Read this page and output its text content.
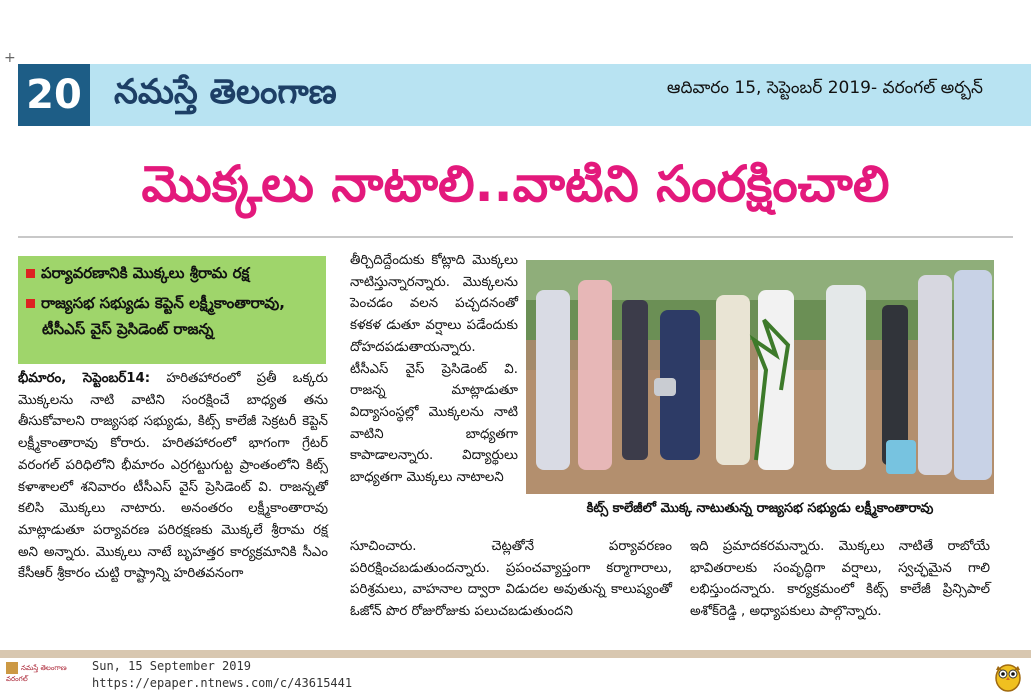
+
20 నమస్తే తెలంగాణ	ఆదివారం 15, సెప్టెంబర్ 2019- వరంగల్ అర్బన్
మొక్కలు నాటాలి..వాటిని సంరక్షించాలి

పర్యావరణానికి మొక్కలు శ్రీరామ రక్ష

రాజ్యసభ సభ్యుడు కెప్టెన్ లక్ష్మీకాంతారావు,

టీసీఎస్ వైస్ ప్రెసిడెంట్ రాజన్న

భీమారం, సెప్టెంబర్14: హరితహారంలో ప్రతీ ఒక్కరు మొక్కలను నాటి వాటిని సంరక్షించే బాధ్యత తను తీసుకోవాలని రాజ్యసభ సభ్యుడు, కిట్స్ కాలేజీ సెక్రటరీ కెప్టెన్ లక్ష్మీకాంతారావు కోరారు. హరితహారంలో భాగంగా గ్రేటర్ వరంగల్ పరిధిలోని భీమారం ఎర్రగట్టుగుట్ట ప్రాంతంలోని కిట్స్ కళాశాలలో శనివారం టీసీఎస్ వైస్ ప్రెసిడెంట్ వి. రాజన్నతో కలిసి మొక్కలు నాటారు. అనంతరం లక్ష్మీకాంతారావు మాట్లాడుతూ పర్యావరణ పరిరక్షణకు మొక్కలే శ్రీరామ రక్ష అని అన్నారు. మొక్కలు నాటే బృహత్తర కార్యక్రమానికి సీఎం కేసీఆర్ శ్రీకారం చుట్టి రాష్ట్రాన్ని హరితవనంగా
తీర్చిదిద్దేందుకు కోట్లాది మొక్కలు నాటిస్తున్నారన్నారు. మొక్కలను పెంచడం వలన పచ్చదనంతో కళకళ డుతూ వర్షాలు పడేందుకు దోహదపడుతాయన్నారు. టీసీఎస్ వైస్ ప్రెసిడెంట్ వి. రాజన్న మాట్లాడుతూ విద్యాసంస్థల్లో మొక్కలను నాటి వాటిని బాధ్యతగా కాపాడాలన్నారు. విద్యార్థులు బాధ్యతగా మొక్కలు నాటాలని
కిట్స్ కాలేజీలో మొక్క నాటుతున్న రాజ్యసభ సభ్యుడు లక్ష్మీకాంతారావు
సూచించారు. చెట్లతోనే పర్యావరణం పరిరక్షించబడుతుందన్నారు. ప్రపంచవ్యాప్తంగా కర్మాగారాలు, పరిశ్రమలు, వాహనాల ద్వారా విడుదల అవుతున్న కాలుష్యంతో ఓజోన్ పొర రోజురోజుకు పలుచబడుతుందని
ఇది ప్రమాదకరమన్నారు. మొక్కలు నాటితే రాబోయే భావితరాలకు సంవృద్ధిగా వర్షాలు, స్వచ్ఛమైన గాలి లభిస్తుందన్నారు. కార్యక్రమంలో కిట్స్ కాలేజీ ప్రిన్సిపాల్ అశోక్‌రెడ్డి , అధ్యాపకులు పాల్గొన్నారు.
నమస్తే తెలంగాణ వరంగల్
Sun, 15 September 2019
https://epaper.ntnews.com/c/43615441
